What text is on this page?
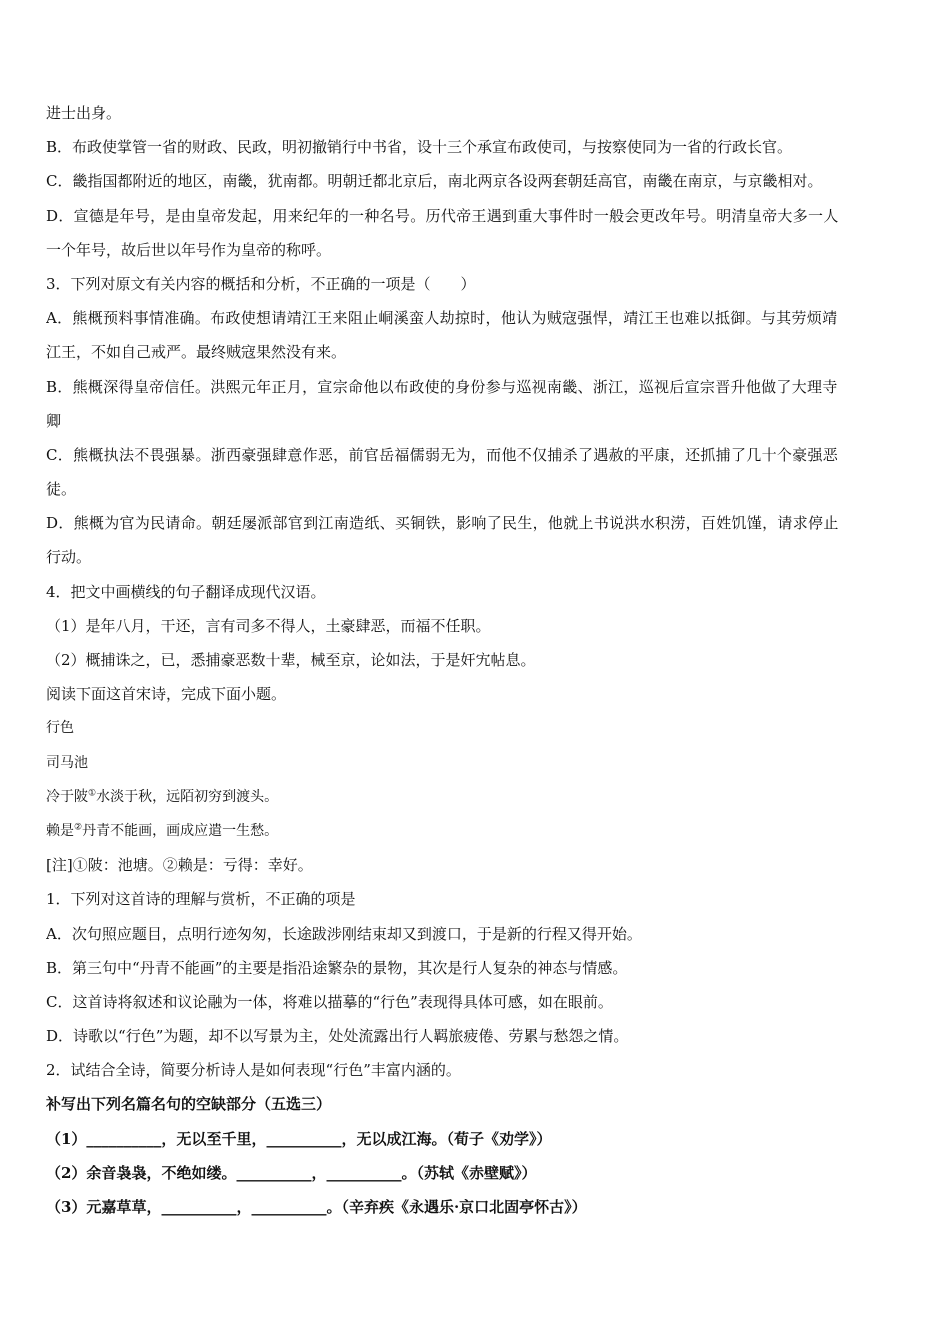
进士出身。
B．布政使掌管一省的财政、民政，明初撤销行中书省，设十三个承宣布政使司，与按察使同为一省的行政长官。
C．畿指国都附近的地区，南畿，犹南都。明朝迁都北京后，南北两京各设两套朝廷高官，南畿在南京，与京畿相对。
D．宣德是年号，是由皇帝发起，用来纪年的一种名号。历代帝王遇到重大事件时一般会更改年号。明清皇帝大多一人
一个年号，故后世以年号作为皇帝的称呼。
3．下列对原文有关内容的概括和分析，不正确的一项是（　　）
A．熊概预料事情准确。布政使想请靖江王来阻止峒溪蛮人劫掠时，他认为贼寇强悍，靖江王也难以抵御。与其劳烦靖
江王，不如自己戒严。最终贼寇果然没有来。
B．熊概深得皇帝信任。洪熙元年正月，宣宗命他以布政使的身份参与巡视南畿、浙江，巡视后宣宗晋升他做了大理寺
卿
C．熊概执法不畏强暴。浙西豪强肆意作恶，前官岳福儒弱无为，而他不仅捕杀了遇赦的平康，还抓捕了几十个豪强恶
徒。
D．熊概为官为民请命。朝廷屡派部官到江南造纸、买铜铁，影响了民生，他就上书说洪水积涝，百姓饥馑，请求停止
行动。
4．把文中画横线的句子翻译成现代汉语。
（1）是年八月，干还，言有司多不得人，土豪肆恶，而福不任职。
（2）概捕诛之，已，悉捕豪恶数十辈，械至京，论如法，于是奸宄帖息。
阅读下面这首宋诗，完成下面小题。
行色
司马池
冷于陂①水淡于秋，远陌初穷到渡头。
赖是②丹青不能画，画成应遣一生愁。
[注]①陂：池塘。②赖是：亏得：幸好。
1．下列对这首诗的理解与赏析，不正确的项是
A．次句照应题目，点明行迹匆匆，长途跋涉刚结束却又到渡口，于是新的行程又得开始。
B．第三句中“丹青不能画”的主要是指沿途繁杂的景物，其次是行人复杂的神态与情感。
C．这首诗将叙述和议论融为一体，将难以描摹的“行色”表现得具体可感，如在眼前。
D．诗歌以“行色”为题，却不以写景为主，处处流露出行人羁旅疲倦、劳累与愁怨之情。
2．试结合全诗，简要分析诗人是如何表现“行色”丰富内涵的。
补写出下列名篇名句的空缺部分（五选三）
（1）__________，无以至千里，__________，无以成江海。（荀子《劝学》）
（2）余音袅袅，不绝如缕。__________，__________。（苏轼《赤壁赋》）
（3）元嘉草草，__________，__________。（辛弃疾《永遇乐·京口北固亭怀古》）
